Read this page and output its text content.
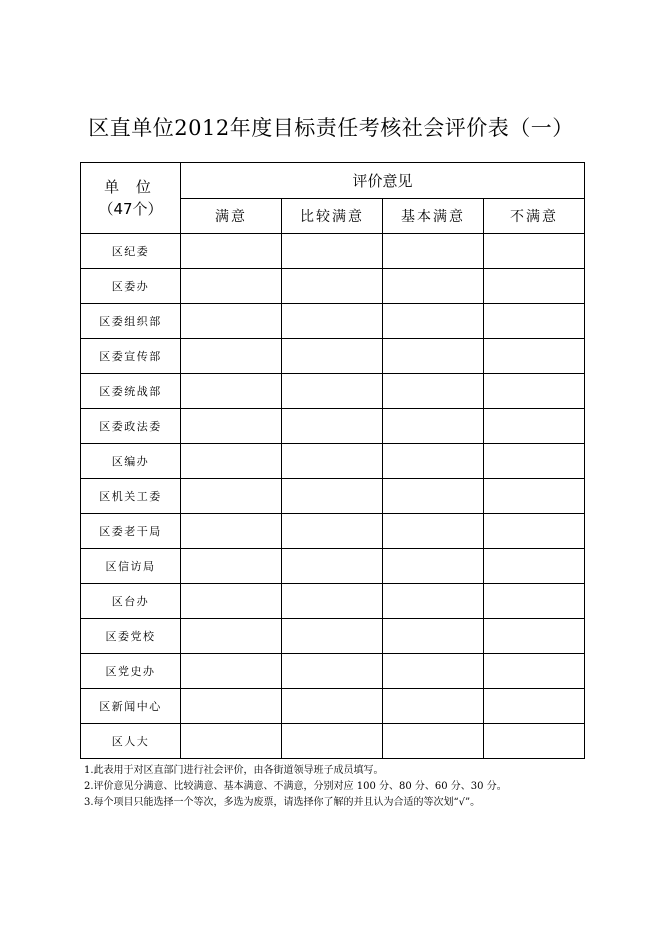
区直单位2012年度目标责任考核社会评价表（一）
单 位
（47个）	评价意见			
	满意	比较满意	基本满意	不满意
区纪委				
区委办				
区委组织部				
区委宣传部				
区委统战部				
区委政法委				
区编办				
区机关工委				
区委老干局				
区信访局				
区台办				
区委党校				
区党史办				
区新闻中心				
区人大				
1.此表用于对区直部门进行社会评价，由各街道领导班子成员填写。
2.评价意见分满意、比较满意、基本满意、不满意，分别对应 100 分、80 分、60 分、30 分。
3.每个项目只能选择一个等次，多选为废票，请选择你了解的并且认为合适的等次划“√”。
